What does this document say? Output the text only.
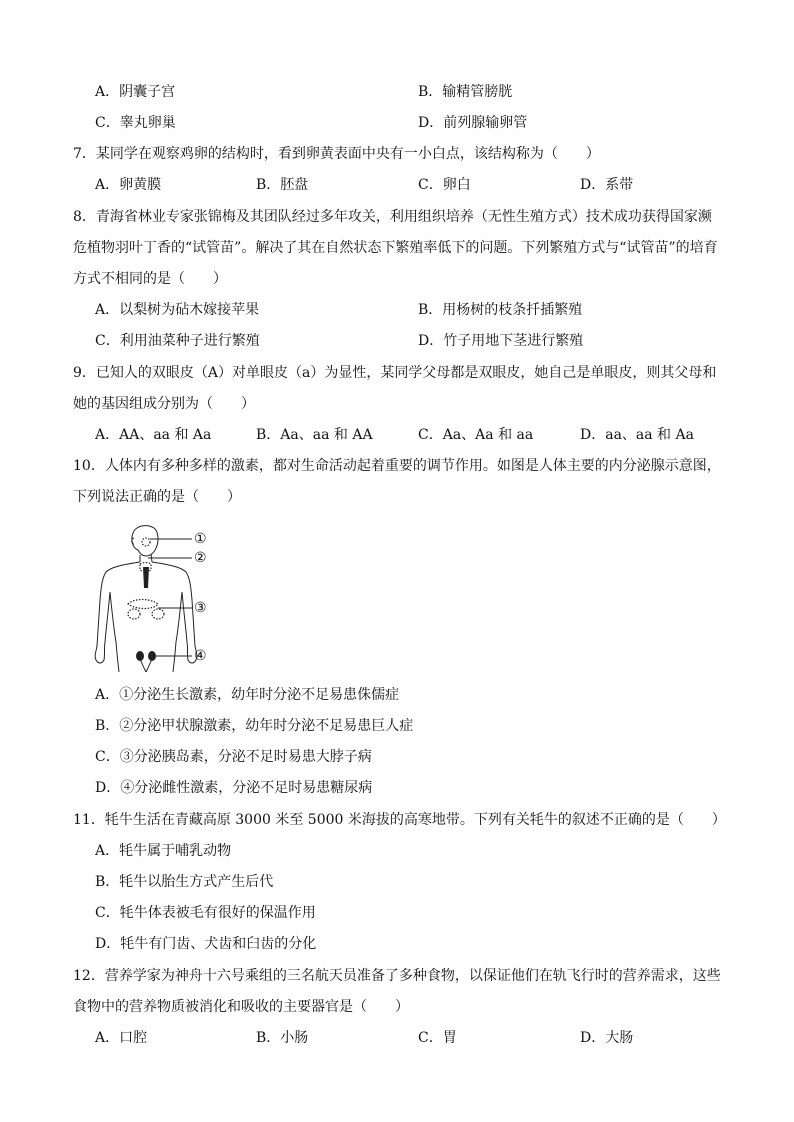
A．阴囊子宫	B．输精管膀胱
C．睾丸卵巢	D．前列腺输卵管
7．某同学在观察鸡卵的结构时，看到卵黄表面中央有一小白点，该结构称为（　　）
A．卵黄膜	B．胚盘	C．卵白	D．系带
8．青海省林业专家张锦梅及其团队经过多年攻关，利用组织培养（无性生殖方式）技术成功获得国家濒
危植物羽叶丁香的“试管苗”。解决了其在自然状态下繁殖率低下的问题。下列繁殖方式与“试管苗”的培育
方式不相同的是（　　）
A．以梨树为砧木嫁接苹果	B．用杨树的枝条扦插繁殖
C．利用油菜种子进行繁殖	D．竹子用地下茎进行繁殖
9．已知人的双眼皮（A）对单眼皮（a）为显性，某同学父母都是双眼皮，她自己是单眼皮，则其父母和
她的基因组成分别为（　　）
A．AA、aa 和 Aa	B．Aa、aa 和 AA	C．Aa、Aa 和 aa	D．aa、aa 和 Aa
10．人体内有多种多样的激素，都对生命活动起着重要的调节作用。如图是人体主要的内分泌腺示意图，
下列说法正确的是（　　）
①
②
③
④
A．①分泌生长激素，幼年时分泌不足易患侏儒症
B．②分泌甲状腺激素，幼年时分泌不足易患巨人症
C．③分泌胰岛素，分泌不足时易患大脖子病
D．④分泌雌性激素，分泌不足时易患糖尿病
11．牦牛生活在青藏高原 3000 米至 5000 米海拔的高寒地带。下列有关牦牛的叙述不正确的是（　　）
A．牦牛属于哺乳动物
B．牦牛以胎生方式产生后代
C．牦牛体表被毛有很好的保温作用
D．牦牛有门齿、犬齿和臼齿的分化
12．营养学家为神舟十六号乘组的三名航天员准备了多种食物，以保证他们在轨飞行时的营养需求，这些
食物中的营养物质被消化和吸收的主要器官是（　　）
A．口腔	B．小肠	C．胃	D．大肠
